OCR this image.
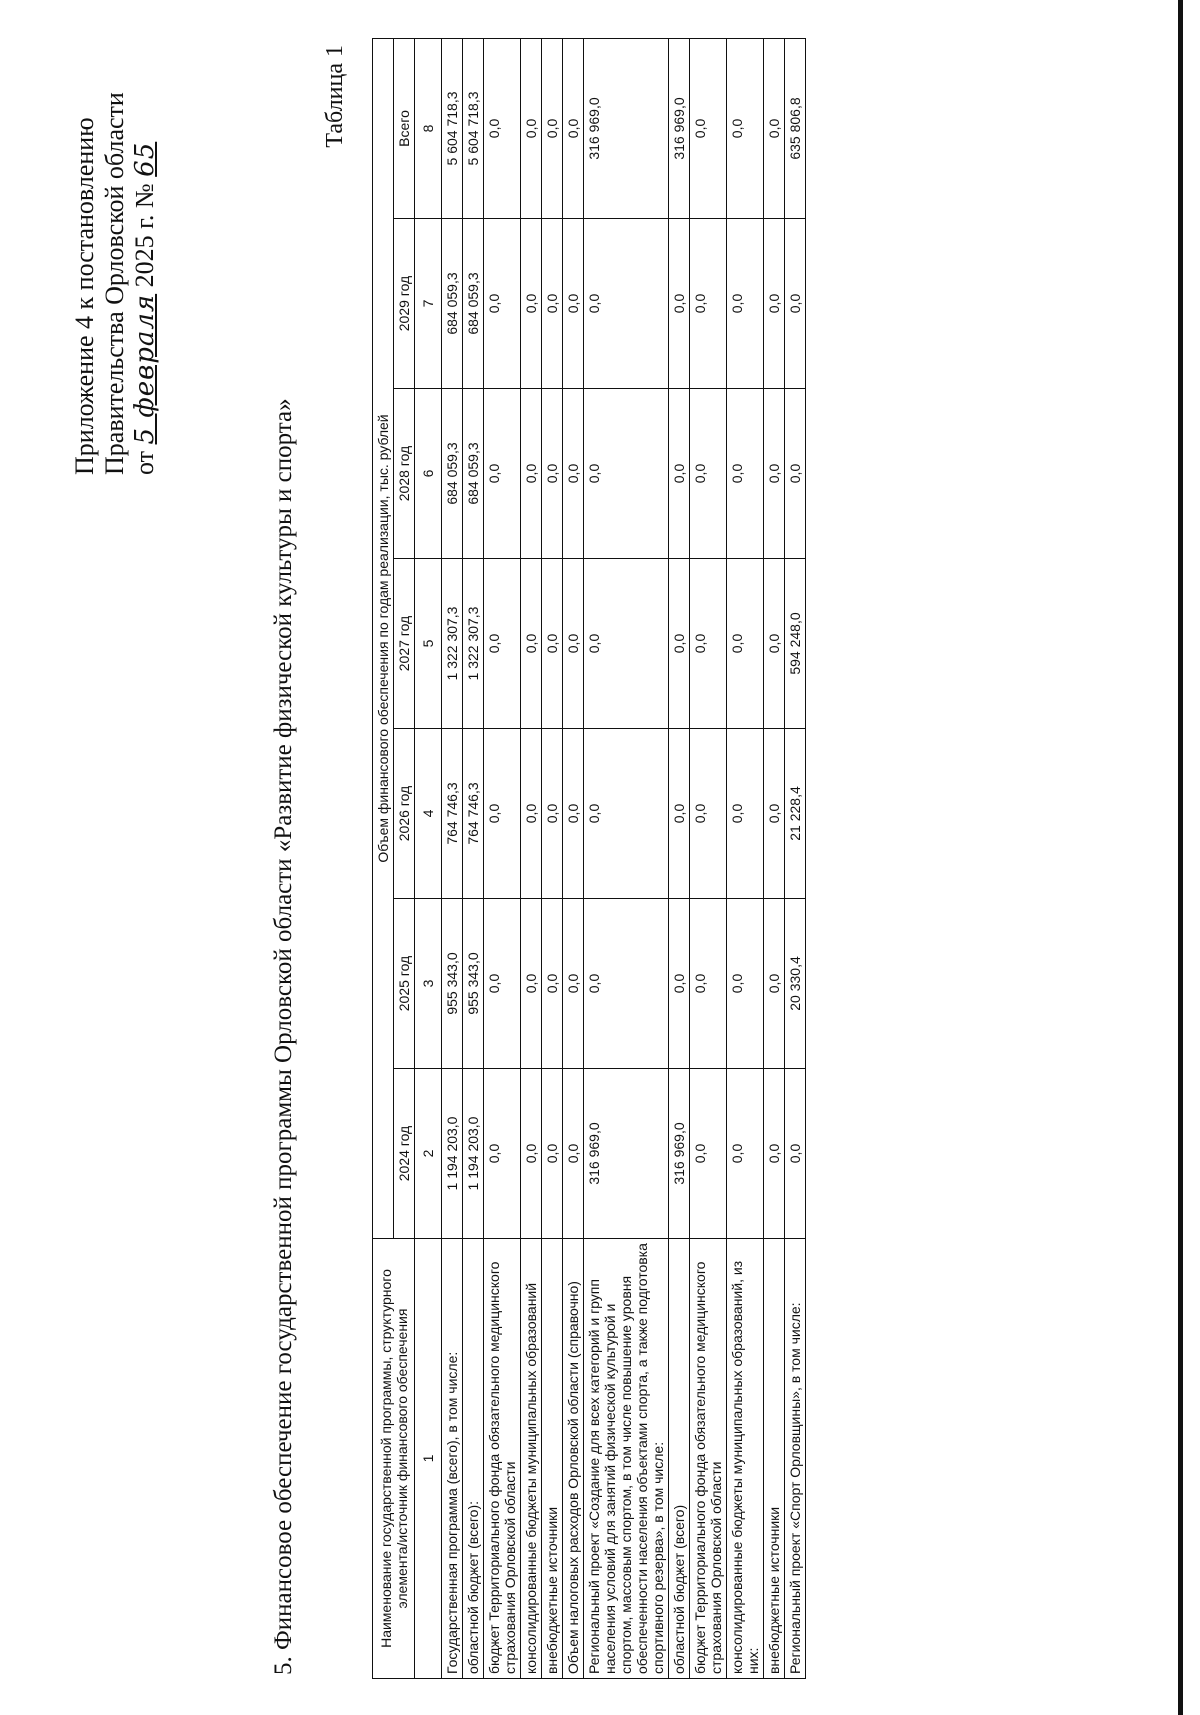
Приложение 4 к постановлению Правительства Орловской области от 5 февраля 2025 г. № 65
5. Финансовое обеспечение государственной программы Орловской области «Развитие физической культуры и спорта»
Таблица 1
Наименование государственной программы, структурного элемента/источник финансового обеспечения	Объем финансового обеспечения по годам реализации, тыс. рублей						
	2024 год	2025 год	2026 год	2027 год	2028 год	2029 год	Всего
1	2	3	4	5	6	7	8
Государственная программа (всего), в том числе:	1 194 203,0	955 343,0	764 746,3	1 322 307,3	684 059,3	684 059,3	5 604 718,3
областной бюджет (всего):	1 194 203,0	955 343,0	764 746,3	1 322 307,3	684 059,3	684 059,3	5 604 718,3
бюджет Территориального фонда обязательного медицинского страхования Орловской области	0,0	0,0	0,0	0,0	0,0	0,0	0,0
консолидированные бюджеты муниципальных образований	0,0	0,0	0,0	0,0	0,0	0,0	0,0
внебюджетные источники	0,0	0,0	0,0	0,0	0,0	0,0	0,0
Объем налоговых расходов Орловской области (справочно)	0,0	0,0	0,0	0,0	0,0	0,0	0,0
Региональный проект «Создание для всех категорий и групп населения условий для занятий физической культурой и спортом, массовым спортом, в том числе повышение уровня обеспеченности населения объектами спорта, а также подготовка спортивного резерва», в том числе:	316 969,0	0,0	0,0	0,0	0,0	0,0	316 969,0
областной бюджет (всего)	316 969,0	0,0	0,0	0,0	0,0	0,0	316 969,0
бюджет Территориального фонда обязательного медицинского страхования Орловской области	0,0	0,0	0,0	0,0	0,0	0,0	0,0
консолидированные бюджеты муниципальных образований, из них:	0,0	0,0	0,0	0,0	0,0	0,0	0,0
внебюджетные источники	0,0	0,0	0,0	0,0	0,0	0,0	0,0
Региональный проект «Спорт Орловщины», в том числе:	0,0	20 330,4	21 228,4	594 248,0	0,0	0,0	635 806,8
